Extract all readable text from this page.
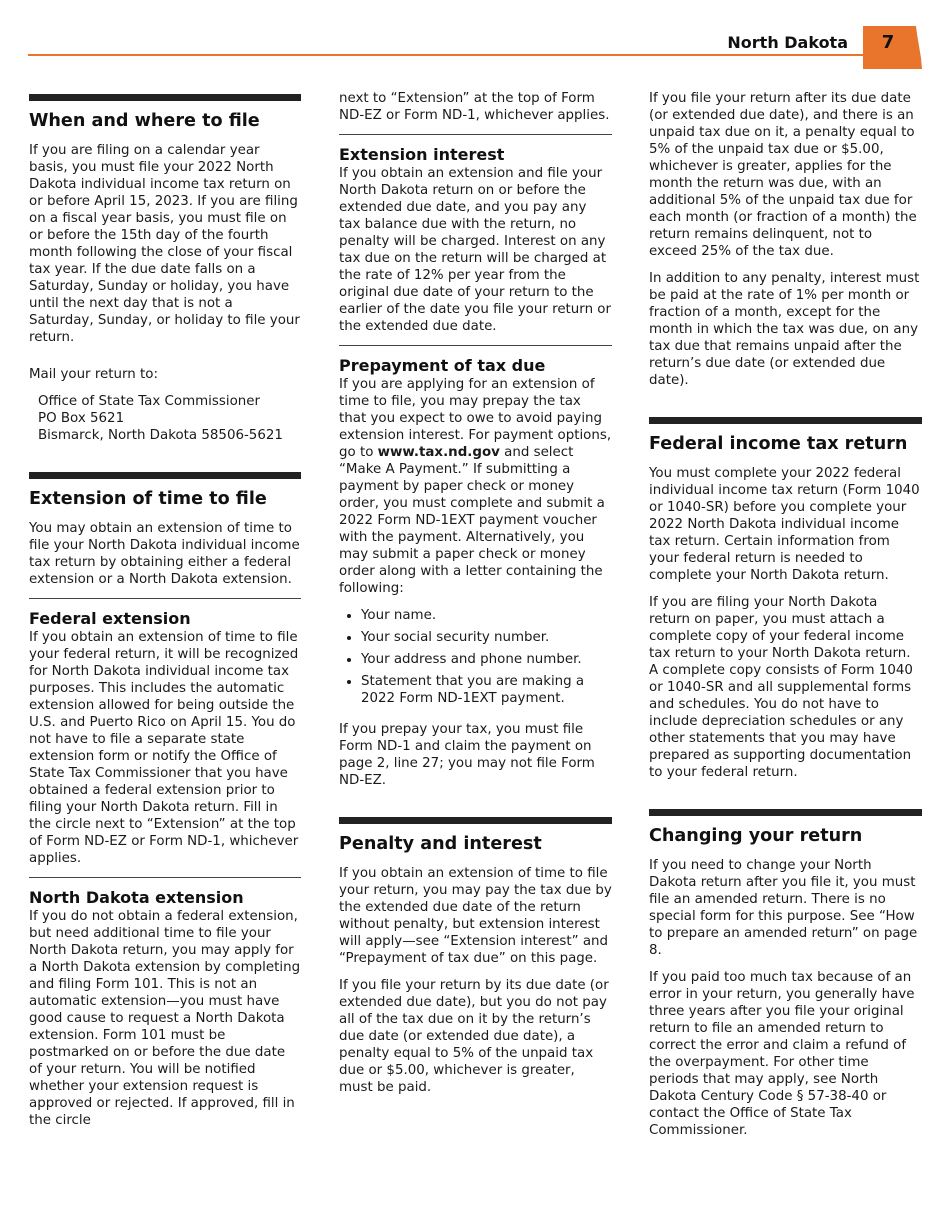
North Dakota	7
When and where to file

If you are filing on a calendar year basis, you must file your 2022 North Dakota individual income tax return on or before April 15, 2023. If you are filing on a fiscal year basis, you must file on or before the 15th day of the fourth month following the close of your fiscal tax year. If the due date falls on a Saturday, Sunday or holiday, you have until the next day that is not a Saturday, Sunday, or holiday to file your return.

Mail your return to:

Office of State Tax Commissioner
PO Box 5621
Bismarck, North Dakota 58506-5621
Extension of time to file

You may obtain an extension of time to file your North Dakota individual income tax return by obtaining either a federal extension or a North Dakota extension.

Federal extension

If you obtain an extension of time to file your federal return, it will be recognized for North Dakota individual income tax purposes. This includes the automatic extension allowed for being outside the U.S. and Puerto Rico on April 15. You do not have to file a separate state extension form or notify the Office of State Tax Commissioner that you have obtained a federal extension prior to filing your North Dakota return. Fill in the circle next to “Extension” at the top of Form ND-EZ or Form ND-1, whichever applies.

North Dakota extension

If you do not obtain a federal extension, but need additional time to file your North Dakota return, you may apply for a North Dakota extension by completing and filing Form 101. This is not an automatic extension—you must have good cause to request a North Dakota extension. Form 101 must be postmarked on or before the due date of your return. You will be notified whether your extension request is approved or rejected. If approved, fill in the circle

next to “Extension” at the top of Form ND-EZ or Form ND-1, whichever applies.

Extension interest

If you obtain an extension and file your North Dakota return on or before the extended due date, and you pay any tax balance due with the return, no penalty will be charged. Interest on any tax due on the return will be charged at the rate of 12% per year from the original due date of your return to the earlier of the date you file your return or the extended due date.

Prepayment of tax due

If you are applying for an extension of time to file, you may prepay the tax that you expect to owe to avoid paying extension interest. For payment options, go to www.tax.nd.gov and select “Make A Payment.” If submitting a payment by paper check or money order, you must complete and submit a 2022 Form ND-1EXT payment voucher with the payment. Alternatively, you may submit a paper check or money order along with a letter containing the following:

• Your name.
• Your social security number.
• Your address and phone number.
• Statement that you are making a 2022 Form ND-1EXT payment.

If you prepay your tax, you must file Form ND-1 and claim the payment on page 2, line 27; you may not file Form ND-EZ.

Penalty and interest

If you obtain an extension of time to file your return, you may pay the tax due by the extended due date of the return without penalty, but extension interest will apply—see “Extension interest” and “Prepayment of tax due” on this page.

If you file your return by its due date (or extended due date), but you do not pay all of the tax due on it by the return’s due date (or extended due date), a penalty equal to 5% of the unpaid tax due or $5.00, whichever is greater, must be paid.

If you file your return after its due date (or extended due date), and there is an unpaid tax due on it, a penalty equal to 5% of the unpaid tax due or $5.00, whichever is greater, applies for the month the return was due, with an additional 5% of the unpaid tax due for each month (or fraction of a month) the return remains delinquent, not to exceed 25% of the tax due.

In addition to any penalty, interest must be paid at the rate of 1% per month or fraction of a month, except for the month in which the tax was due, on any tax due that remains unpaid after the return’s due date (or extended due date).

Federal income tax return

You must complete your 2022 federal individual income tax return (Form 1040 or 1040-SR) before you complete your 2022 North Dakota individual income tax return. Certain information from your federal return is needed to complete your North Dakota return.

If you are filing your North Dakota return on paper, you must attach a complete copy of your federal income tax return to your North Dakota return. A complete copy consists of Form 1040 or 1040-SR and all supplemental forms and schedules. You do not have to include depreciation schedules or any other statements that you may have prepared as supporting documentation to your federal return.

Changing your return

If you need to change your North Dakota return after you file it, you must file an amended return. There is no special form for this purpose. See “How to prepare an amended return” on page 8.

If you paid too much tax because of an error in your return, you generally have three years after you file your original return to file an amended return to correct the error and claim a refund of the overpayment. For other time periods that may apply, see North Dakota Century Code § 57-38-40 or contact the Office of State Tax Commissioner.
